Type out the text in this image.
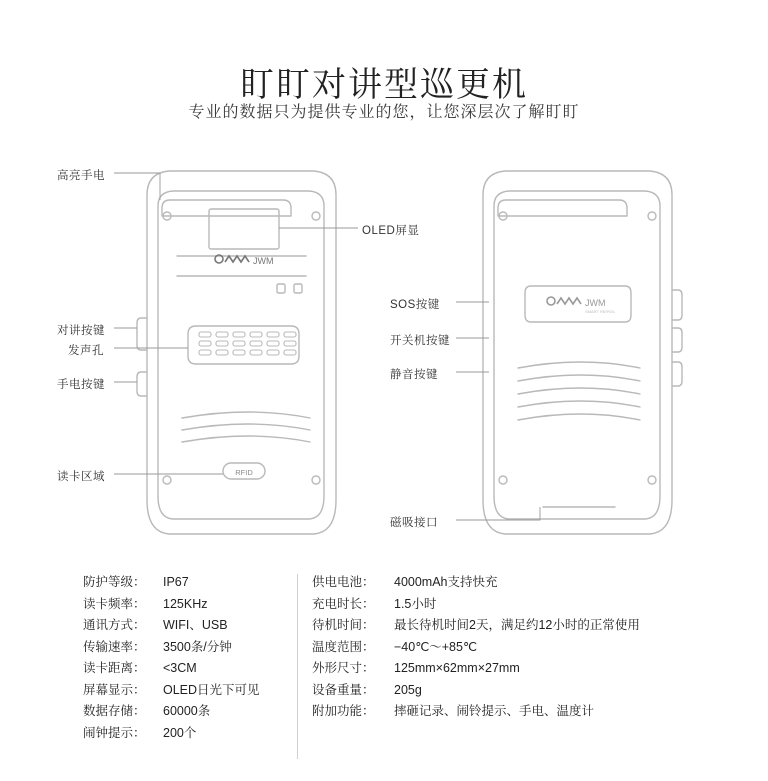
盯盯对讲型巡更机
专业的数据只为提供专业的您，让您深层次了解盯盯
JWM
RFID
JWM
SMART PATROL
高亮手电
对讲按键
发声孔
手电按键
读卡区域
OLED屏显
SOS按键
开关机按键
静音按键
磁吸接口
防护等级：	IP67
读卡频率：	125KHz
通讯方式：	WIFI、USB
传输速率：	3500条/分钟
读卡距离：	<3CM
屏幕显示：	OLED日光下可见
数据存储：	60000条
闹钟提示：	200个
供电电池：	4000mAh支持快充
充电时长：	1.5小时
待机时间：	最长待机时间2天，满足约12小时的正常使用
温度范围：	−40℃～+85℃
外形尺寸：	125mm×62mm×27mm
设备重量：	205g
附加功能：	摔砸记录、闹铃提示、手电、温度计
